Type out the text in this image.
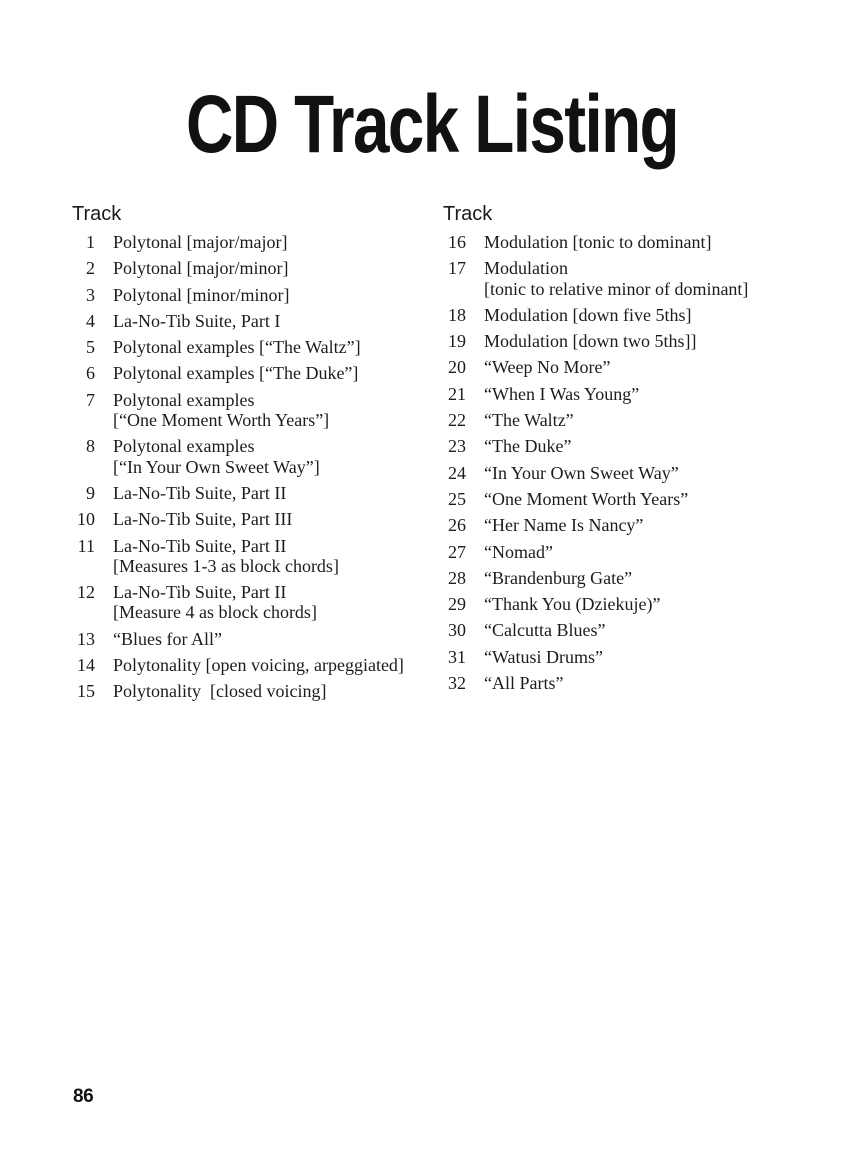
CD Track Listing
Track
1 Polytonal [major/major]
2 Polytonal [major/minor]
3 Polytonal [minor/minor]
4 La-No-Tib Suite, Part I
5 Polytonal examples [“The Waltz”]
6 Polytonal examples [“The Duke”]
7 Polytonal examples
[“One Moment Worth Years”]
8 Polytonal examples
[“In Your Own Sweet Way”]
9 La-No-Tib Suite, Part II
10 La-No-Tib Suite, Part III
11 La-No-Tib Suite, Part II
[Measures 1-3 as block chords]
12 La-No-Tib Suite, Part II
[Measure 4 as block chords]
13 “Blues for All”
14 Polytonality [open voicing, arpeggiated]
15 Polytonality  [closed voicing]
Track
16 Modulation [tonic to dominant]
17 Modulation
[tonic to relative minor of dominant]
18 Modulation [down five 5ths]
19 Modulation [down two 5ths]]
20 “Weep No More”
21 “When I Was Young”
22 “The Waltz”
23 “The Duke”
24 “In Your Own Sweet Way”
25 “One Moment Worth Years”
26 “Her Name Is Nancy”
27 “Nomad”
28 “Brandenburg Gate”
29 “Thank You (Dziekuje)”
30 “Calcutta Blues”
31 “Watusi Drums”
32 “All Parts”
86
